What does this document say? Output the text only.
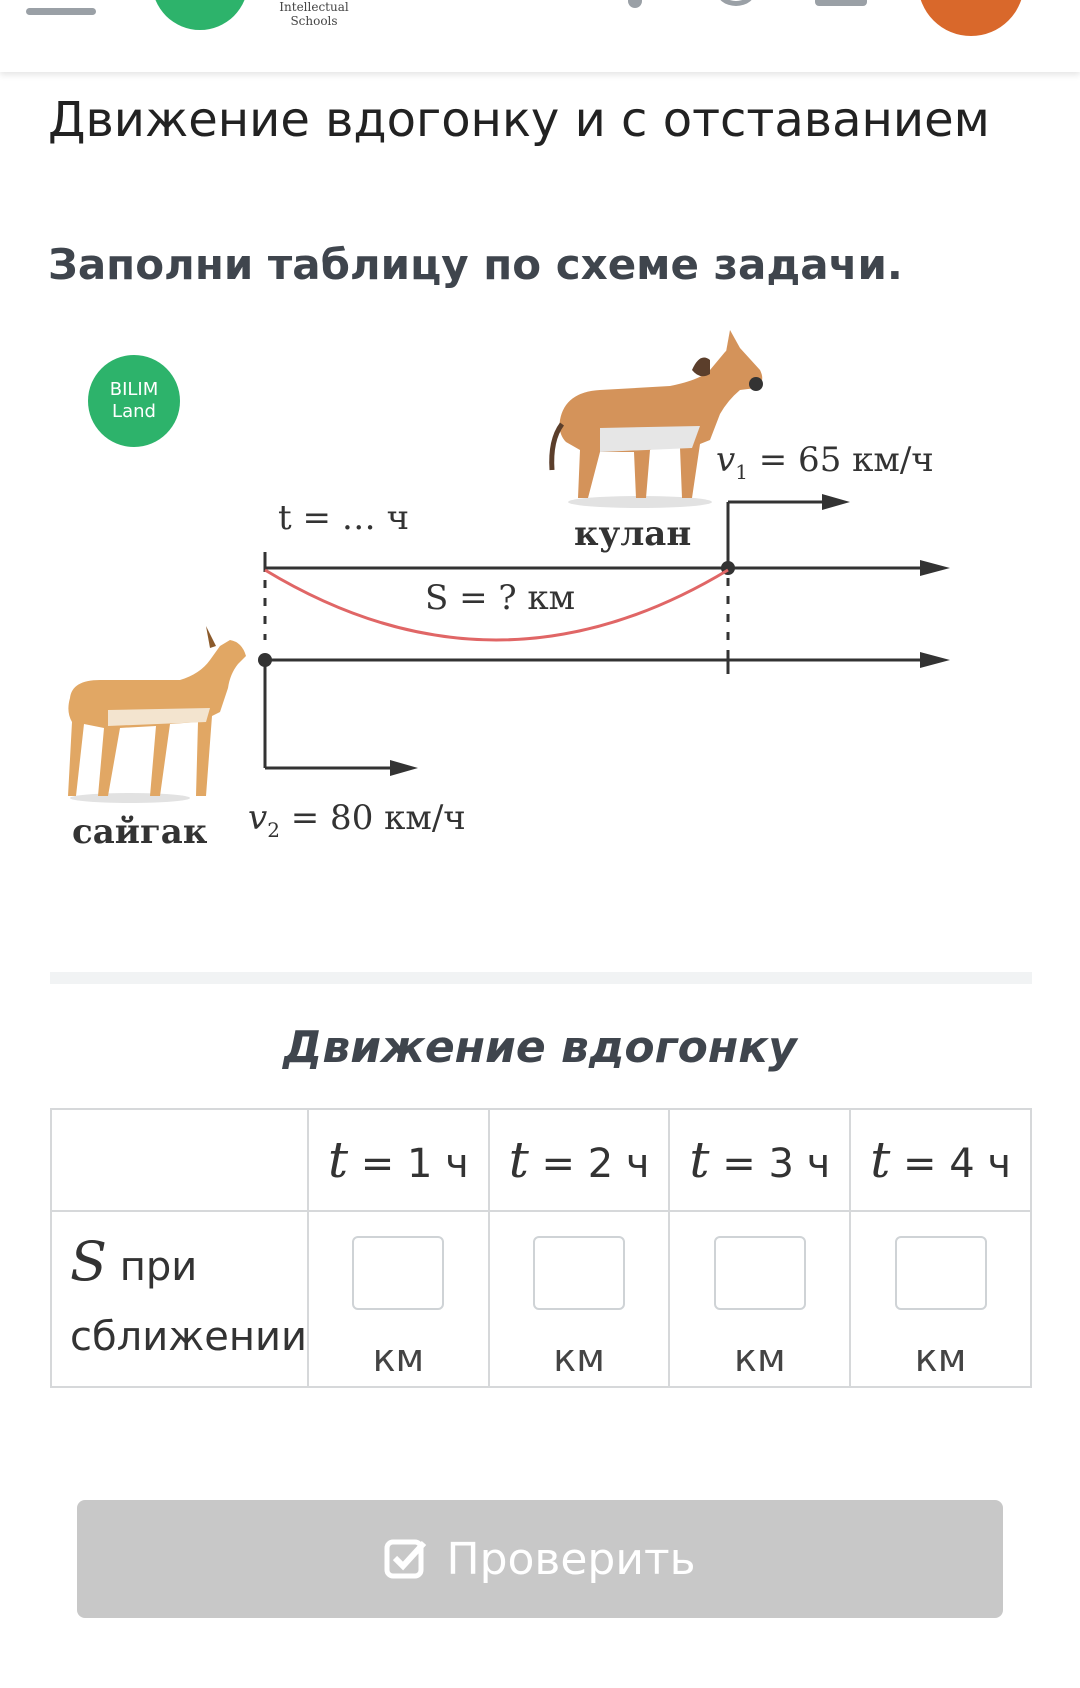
Intellectual
Schools
Движение вдогонку и с отставанием
Заполни таблицу по схеме задачи.
BILIM
Land
t = … ч	кулан
S = ? км
$v_1 = 65$ км/ч
сайгак $v_2 = 80$ км/ч
Движение вдогонку
	t = 1 ч	t = 2 ч	t = 3 ч	t = 4 ч
S при
сближении	км	км	км	км
Проверить
